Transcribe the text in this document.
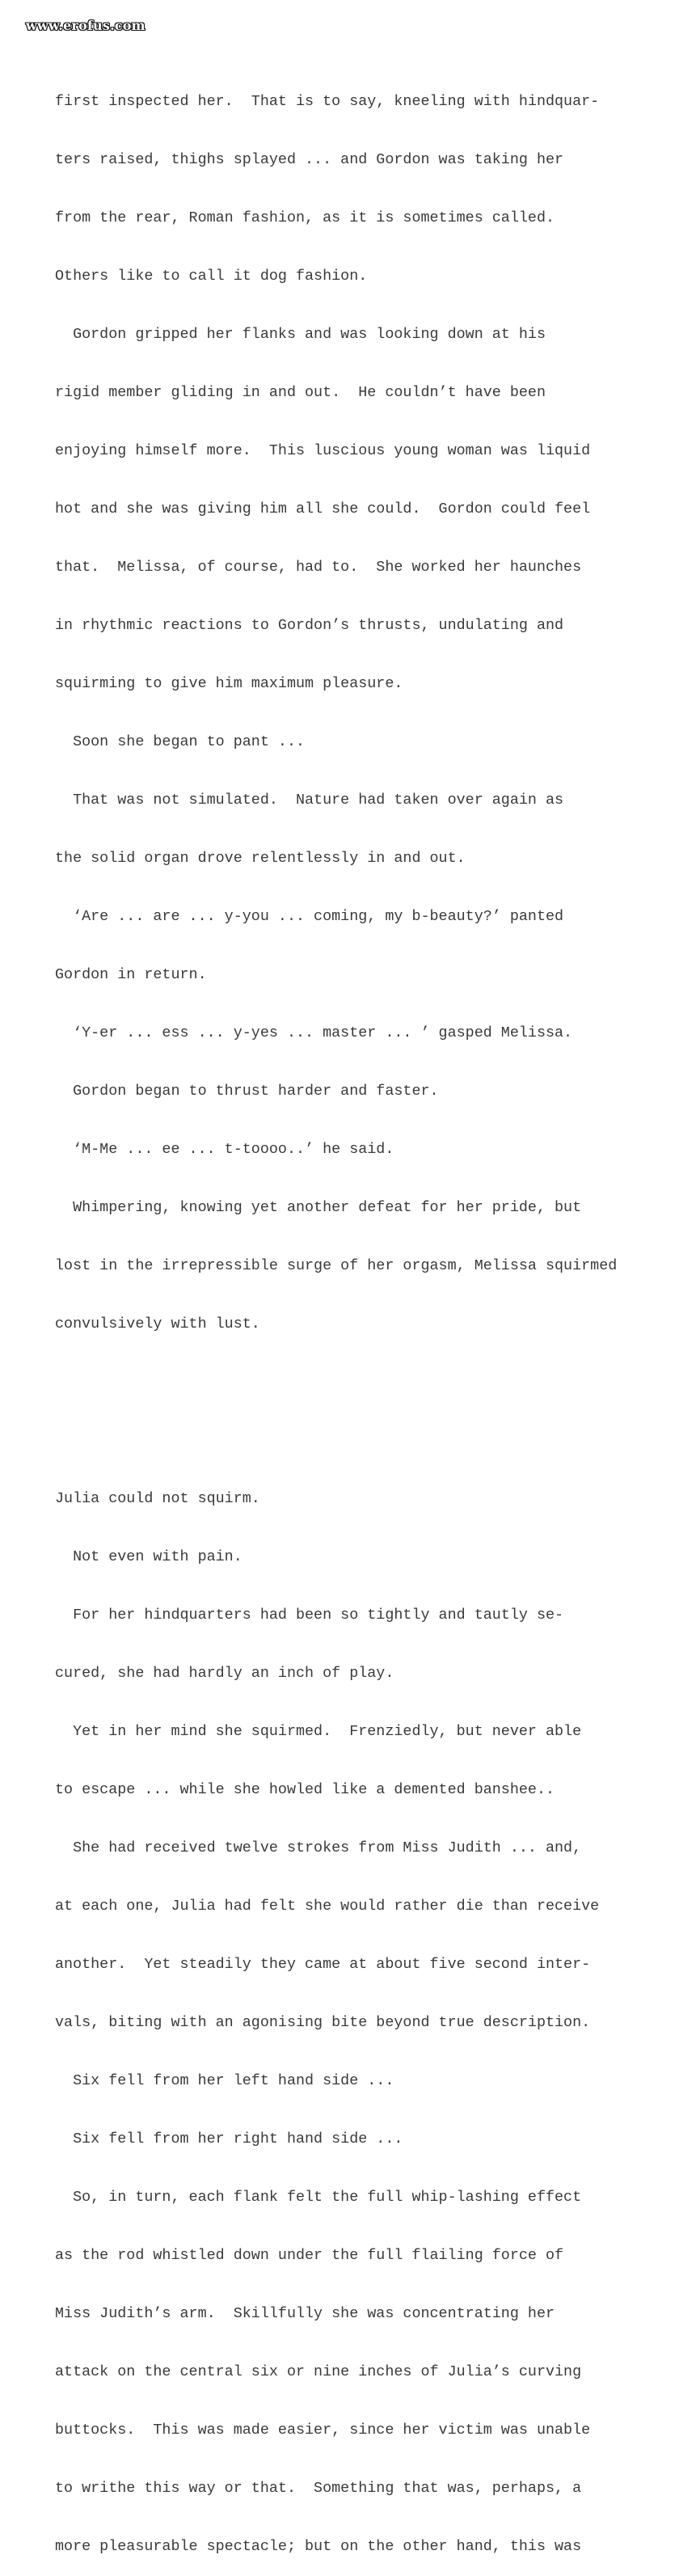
www.erofus.com

first inspected her.  That is to say, kneeling with hindquar-

ters raised, thighs splayed ... and Gordon was taking her

from the rear, Roman fashion, as it is sometimes called.

Others like to call it dog fashion.

Gordon gripped her flanks and was looking down at his

rigid member gliding in and out.  He couldn’t have been

enjoying himself more.  This luscious young woman was liquid

hot and she was giving him all she could.  Gordon could feel

that.  Melissa, of course, had to.  She worked her haunches

in rhythmic reactions to Gordon’s thrusts, undulating and

squirming to give him maximum pleasure.

Soon she began to pant ...

That was not simulated.  Nature had taken over again as

the solid organ drove relentlessly in and out.

‘Are ... are ... y-you ... coming, my b-beauty?’ panted

Gordon in return.

‘Y-er ... ess ... y-yes ... master ... ’ gasped Melissa.

Gordon began to thrust harder and faster.

‘M-Me ... ee ... t-toooo..’ he said.

Whimpering, knowing yet another defeat for her pride, but

lost in the irrepressible surge of her orgasm, Melissa squirmed

convulsively with lust.

Julia could not squirm.

Not even with pain.

For her hindquarters had been so tightly and tautly se-

cured, she had hardly an inch of play.

Yet in her mind she squirmed.  Frenziedly, but never able

to escape ... while she howled like a demented banshee..

She had received twelve strokes from Miss Judith ... and,

at each one, Julia had felt she would rather die than receive

another.  Yet steadily they came at about five second inter-

vals, biting with an agonising bite beyond true description.

Six fell from her left hand side ...

Six fell from her right hand side ...

So, in turn, each flank felt the full whip-lashing effect

as the rod whistled down under the full flailing force of

Miss Judith’s arm.  Skillfully she was concentrating her

attack on the central six or nine inches of Julia’s curving

buttocks.  This was made easier, since her victim was unable

to writhe this way or that.  Something that was, perhaps, a

more pleasurable spectacle; but on the other hand, this was
